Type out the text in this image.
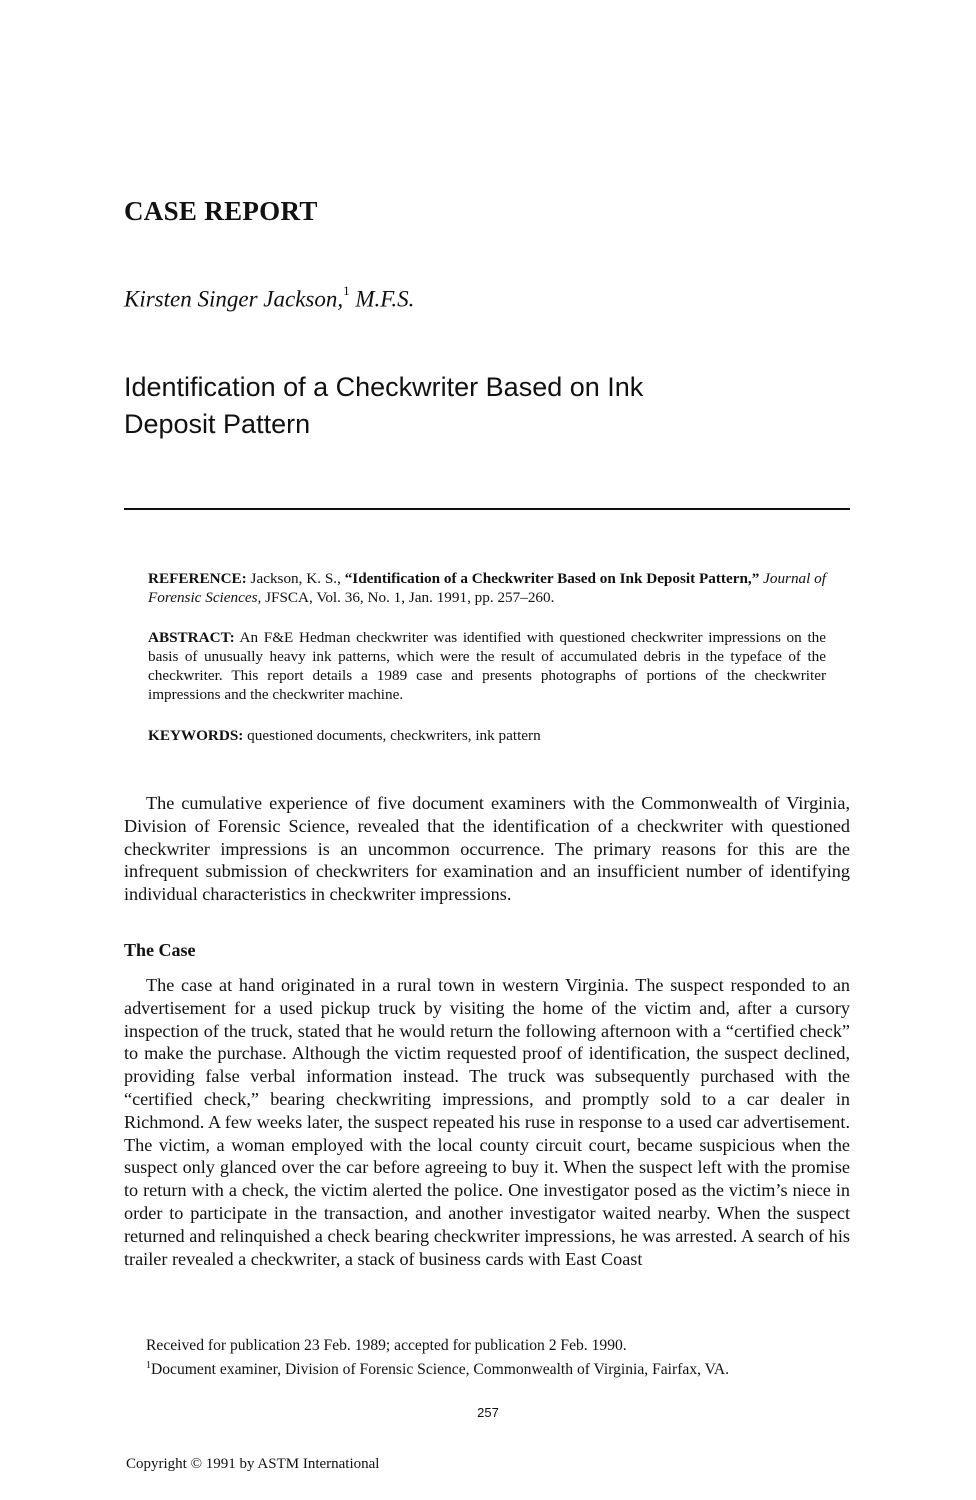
CASE REPORT
Kirsten Singer Jackson,$^1$ M.F.S.
Identification of a Checkwriter Based on Ink
Deposit Pattern
REFERENCE: Jackson, K. S., “Identification of a Checkwriter Based on Ink Deposit Pattern,” Journal of Forensic Sciences, JFSCA, Vol. 36, No. 1, Jan. 1991, pp. 257–260.
ABSTRACT: An F&E Hedman checkwriter was identified with questioned checkwriter impressions on the basis of unusually heavy ink patterns, which were the result of accumulated debris in the typeface of the checkwriter. This report details a 1989 case and presents photographs of portions of the checkwriter impressions and the checkwriter machine.
KEYWORDS: questioned documents, checkwriters, ink pattern

The cumulative experience of five document examiners with the Commonwealth of Virginia, Division of Forensic Science, revealed that the identification of a checkwriter with questioned checkwriter impressions is an uncommon occurrence. The primary reasons for this are the infrequent submission of checkwriters for examination and an insufficient number of identifying individual characteristics in checkwriter impressions.

The Case

The case at hand originated in a rural town in western Virginia. The suspect responded to an advertisement for a used pickup truck by visiting the home of the victim and, after a cursory inspection of the truck, stated that he would return the following afternoon with a “certified check” to make the purchase. Although the victim requested proof of identification, the suspect declined, providing false verbal information instead. The truck was subsequently purchased with the “certified check,” bearing checkwriting impressions, and promptly sold to a car dealer in Richmond. A few weeks later, the suspect repeated his ruse in response to a used car advertisement. The victim, a woman employed with the local county circuit court, became suspicious when the suspect only glanced over the car before agreeing to buy it. When the suspect left with the promise to return with a check, the victim alerted the police. One investigator posed as the victim’s niece in order to participate in the transaction, and another investigator waited nearby. When the suspect returned and relinquished a check bearing checkwriter impressions, he was arrested. A search of his trailer revealed a checkwriter, a stack of business cards with East Coast

Received for publication 23 Feb. 1989; accepted for publication 2 Feb. 1990.
$^1$Document examiner, Division of Forensic Science, Commonwealth of Virginia, Fairfax, VA.
257
Copyright © 1991 by ASTM International
